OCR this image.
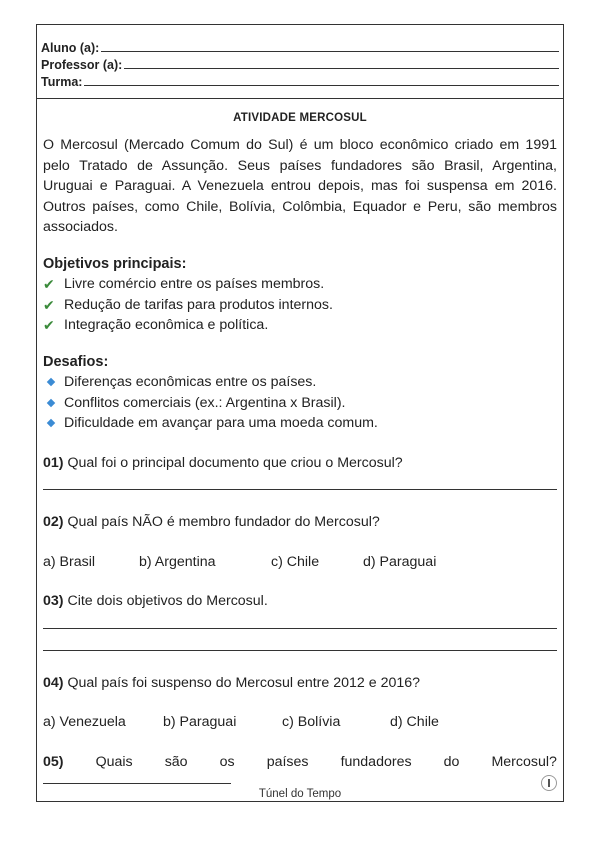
Aluno (a):
Professor (a):
Turma:
ATIVIDADE MERCOSUL

O Mercosul (Mercado Comum do Sul) é um bloco econômico criado em 1991 pelo Tratado de Assunção. Seus países fundadores são Brasil, Argentina, Uruguai e Paraguai. A Venezuela entrou depois, mas foi suspensa em 2016. Outros países, como Chile, Bolívia, Colômbia, Equador e Peru, são membros associados.

Objetivos principais:
✔ Livre comércio entre os países membros.
✔ Redução de tarifas para produtos internos.
✔ Integração econômica e política.
Desafios:
Diferenças econômicas entre os países.
Conflitos comerciais (ex.: Argentina x Brasil).
Dificuldade em avançar para uma moeda comum.
01) Qual foi o principal documento que criou o Mercosul?
02) Qual país NÃO é membro fundador do Mercosul?
a) Brasil	b) Argentina	c) Chile	d) Paraguai
03) Cite dois objetivos do Mercosul.
04) Qual país foi suspenso do Mercosul entre 2012 e 2016?
a) Venezuela	b) Paraguai	c) Bolívia	d) Chile
05) Quais são os países fundadores do Mercosul?
Túnel do Tempo
